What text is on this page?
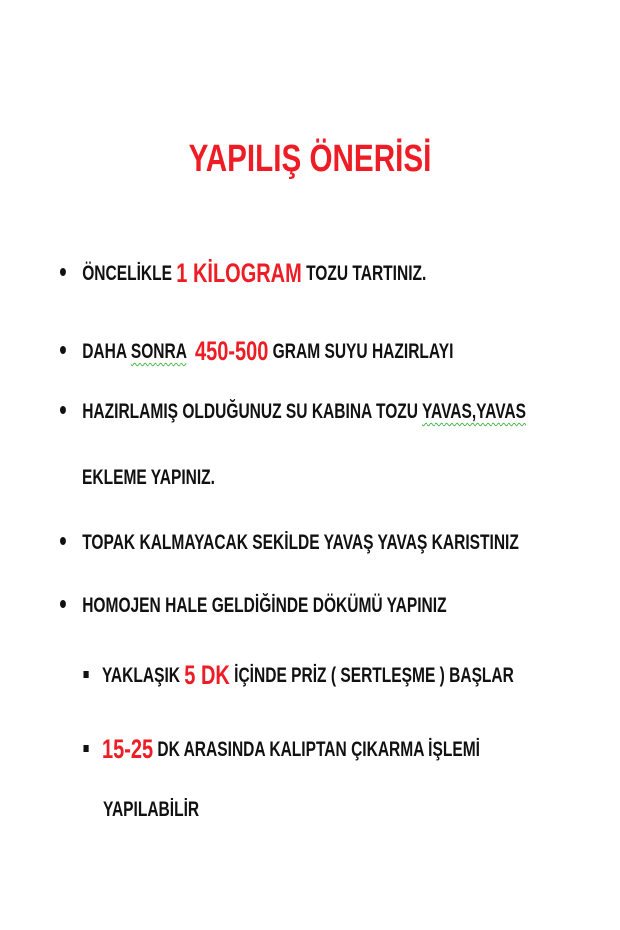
YAPILIŞ ÖNERİSİ
ÖNCELİKLE 1 KİLOGRAM TOZU TARTINIZ.
DAHA SONRA 450-500 GRAM SUYU HAZIRLAYI
HAZIRLAMIŞ OLDUĞUNUZ SU KABINA TOZU YAVAS,YAVAS
EKLEME YAPINIZ.
TOPAK KALMAYACAK SEKİLDE YAVAŞ YAVAŞ KARISTINIZ
HOMOJEN HALE GELDİĞİNDE DÖKÜMÜ YAPINIZ
YAKLAŞIK 5 DK İÇİNDE PRİZ ( SERTLEŞME ) BAŞLAR
15-25 DK ARASINDA KALIPTAN ÇIKARMA İŞLEMİ
YAPILABİLİR
